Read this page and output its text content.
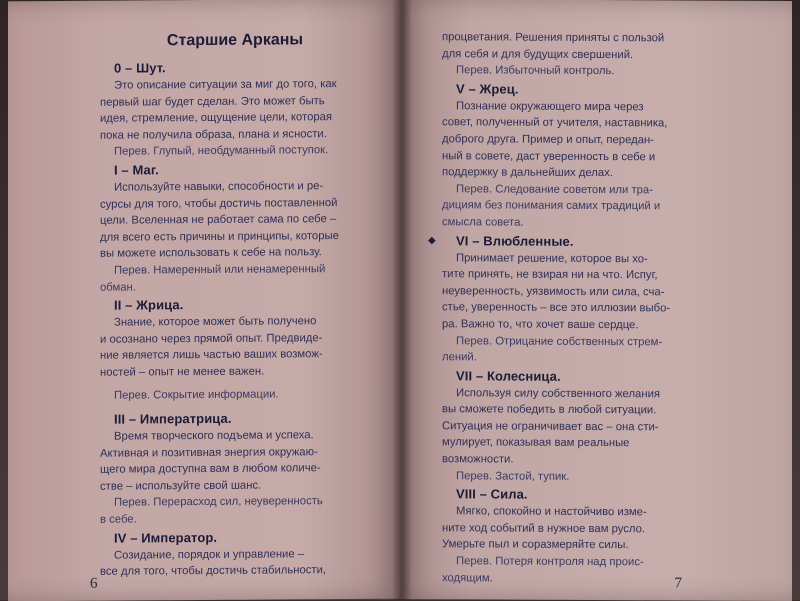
Старшие Арканы
0 – Шут.

Это описание ситуации за миг до того, как
первый шаг будет сделан. Это может быть
идея, стремление, ощущение цели, которая
пока не получила образа, плана и ясности.

Перев. Глупый, необдуманный поступок.

I – Маг.

Используйте навыки, способности и ре-
сурсы для того, чтобы достичь поставленной
цели. Вселенная не работает сама по себе –
для всего есть причины и принципы, которые
вы можете использовать к себе на пользу.

Перев. Намеренный или ненамеренный
обман.

II – Жрица.

Знание, которое может быть получено
и осознано через прямой опыт. Предвиде-
ние является лишь частью ваших возмож-
ностей – опыт не менее важен.

Перев. Сокрытие информации.

III – Императрица.

Время творческого подъема и успеха.
Активная и позитивная энергия окружаю-
щего мира доступна вам в любом количе-
стве – используйте свой шанс.

Перев. Перерасход сил, неуверенность
в себе.

IV – Император.

Созидание, порядок и управление –
все для того, чтобы достичь стабильности,

6

процветания. Решения приняты с пользой
для себя и для будущих свершений.

Перев. Избыточный контроль.

V – Жрец.

Познание окружающего мира через
совет, полученный от учителя, наставника,
доброго друга. Пример и опыт, передан-
ный в совете, даст уверенность в себе и
поддержку в дальнейших делах.

Перев. Следование советом или тра-
дициям без понимания самих традиций и
смысла совета.

◆ VI – Влюбленные.

Принимает решение, которое вы хо-
тите принять, не взирая ни на что. Испуг,
неуверенность, уязвимость или сила, сча-
стье, уверенность – все это иллюзии выбо-
ра. Важно то, что хочет ваше сердце.

Перев. Отрицание собственных стрем-
лений.

VII – Колесница.

Используя силу собственного желания
вы сможете победить в любой ситуации.
Ситуация не ограничивает вас – она сти-
мулирует, показывая вам реальные
возможности.

Перев. Застой, тупик.

VIII – Сила.

Мягко, спокойно и настойчиво изме-
ните ход событий в нужное вам русло.
Умерьте пыл и соразмеряйте силы.

Перев. Потеря контроля над проис-
ходящим.	7
